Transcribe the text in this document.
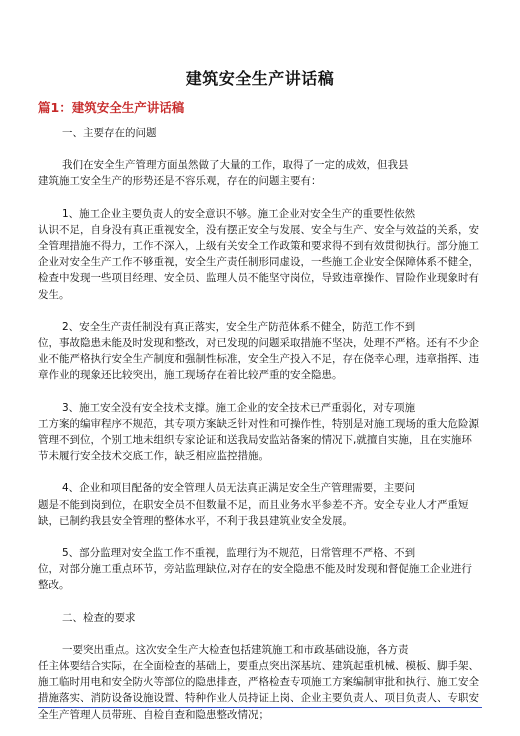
建筑安全生产讲话稿
篇1：建筑安全生产讲话稿

一、主要存在的问题

我们在安全生产管理方面虽然做了大量的工作，取得了一定的成效，但我县

建筑施工安全生产的形势还是不容乐观，存在的问题主要有：

1、施工企业主要负责人的安全意识不够。施工企业对安全生产的重要性依然

认识不足，自身没有真正重视安全，没有摆正安全与发展、安全与生产、安全与效益的关系，安全管理措施不得力，工作不深入，上级有关安全工作政策和要求得不到有效贯彻执行。部分施工企业对安全生产工作不够重视，安全生产责任制形同虚设，一些施工企业安全保障体系不健全，检查中发现一些项目经理、安全员、监理人员不能坚守岗位，导致违章操作、冒险作业现象时有发生。

2、安全生产责任制没有真正落实，安全生产防范体系不健全，防范工作不到

位，事故隐患未能及时发现和整改，对已发现的问题采取措施不坚决，处理不严格。还有不少企业不能严格执行安全生产制度和强制性标准，安全生产投入不足，存在侥幸心理，违章指挥、违章作业的现象还比较突出，施工现场存在着比较严重的安全隐患。

3、施工安全没有安全技术支撑。施工企业的安全技术已严重弱化，对专项施

工方案的编审程序不规范，其专项方案缺乏针对性和可操作性，特别是对施工现场的重大危险源管理不到位，个别工地未组织专家论证和送我局安监站备案的情况下,就擅自实施，且在实施环节未履行安全技术交底工作，缺乏相应监控措施。

4、企业和项目配备的安全管理人员无法真正满足安全生产管理需要，主要问

题是不能到岗到位，在职安全员不但数量不足，而且业务水平参差不齐。安全专业人才严重短缺，已制约我县安全管理的整体水平，不利于我县建筑业安全发展。

5、部分监理对安全监工作不重视，监理行为不规范，日常管理不严格、不到

位，对部分施工重点环节，旁站监理缺位,对存在的安全隐患不能及时发现和督促施工企业进行整改。

二、检查的要求

一要突出重点。这次安全生产大检查包括建筑施工和市政基础设施，各方责

任主体要结合实际，在全面检查的基础上，要重点突出深基坑、建筑起重机械、模板、脚手架、施工临时用电和安全防火等部位的隐患排查，严格检查专项施工方案编制审批和执行、施工安全措施落实、消防设备设施设置、特种作业人员持证上岗、企业主要负责人、项目负责人、专职安全生产管理人员带班、自检自查和隐患整改情况；
